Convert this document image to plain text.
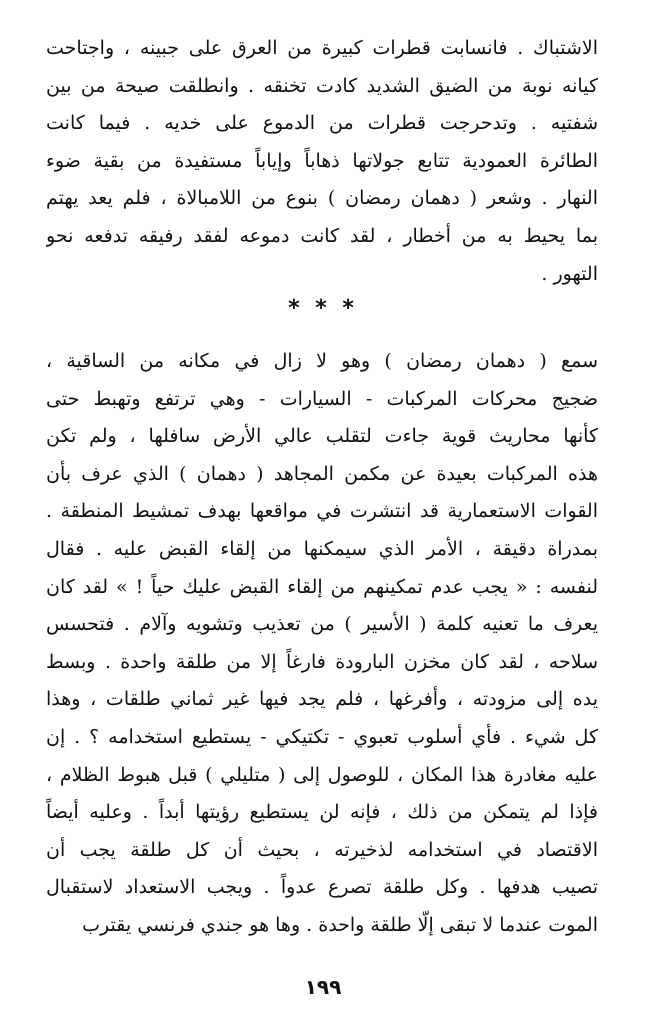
الاشتباك . فانسابت قطرات كبيرة من العرق على جبينه ، واجتاحت
كيانه نوبة من الضيق الشديد كادت تخنقه . وانطلقت صيحة من بين
شفتيه . وتدحرجت قطرات من الدموع على خديه . فيما كانت
الطائرة العمودية تتابع جولاتها ذهاباً وإياباً مستفيدة من بقية ضوء
النهار . وشعر ( دهمان رمضان ) بنوع من اللامبالاة ، فلم يعد يهتم
بما يحيط به من أخطار ، لقد كانت دموعه لفقد رفيقه تدفعه نحو
التهور .
* * *
سمع ( دهمان رمضان ) وهو لا زال في مكانه من الساقية ،
ضجيج محركات المركبات - السيارات - وهي ترتفع وتهبط حتى
كأنها محاريث قوية جاءت لتقلب عالي الأرض سافلها ، ولم تكن
هذه المركبات بعيدة عن مكمن المجاهد ( دهمان ) الذي عرف بأن
القوات الاستعمارية قد انتشرت في مواقعها بهدف تمشيط المنطقة .
بمدراة دقيقة ، الأمر الذي سيمكنها من إلقاء القبض عليه . فقال
لنفسه : « يجب عدم تمكينهم من إلقاء القبض عليك حياً ! » لقد كان
يعرف ما تعنيه كلمة ( الأسير ) من تعذيب وتشويه وآلام . فتحسس
سلاحه ، لقد كان مخزن البارودة فارغاً إلا من طلقة واحدة . وبسط
يده إلى مزودته ، وأفرغها ، فلم يجد فيها غير ثماني طلقات ، وهذا
كل شيء . فأي أسلوب تعبوي - تكتيكي - يستطيع استخدامه ؟ . إن
عليه مغادرة هذا المكان ، للوصول إلى ( متليلي ) قبل هبوط الظلام ،
فإذا لم يتمكن من ذلك ، فإنه لن يستطيع رؤيتها أبداً . وعليه أيضاً
الاقتصاد في استخدامه لذخيرته ، بحيث أن كل طلقة يجب أن
تصيب هدفها . وكل طلقة تصرع عدواً . ويجب الاستعداد لاستقبال
الموت عندما لا تبقى إلّا طلقة واحدة . وها هو جندي فرنسي يقترب
١٩٩
